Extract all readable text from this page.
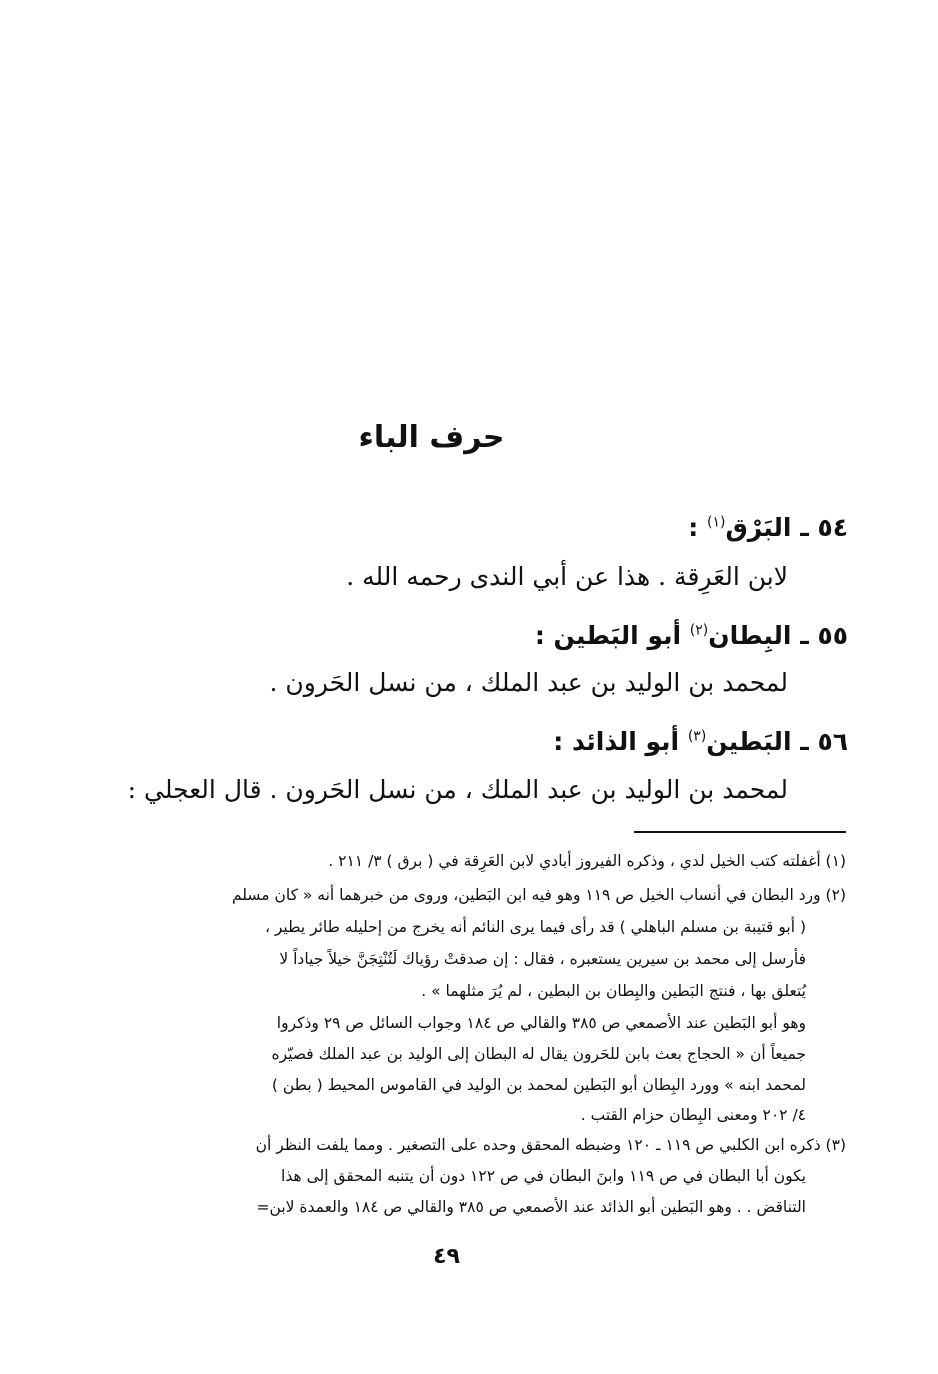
حرف الباء
٥٤ ـ البَرْق$^{(١)}$ :
لابن العَرِقة . هذا عن أبي الندى رحمه الله .
٥٥ ـ البِطان$^{(٢)}$ أبو البَطين :
لمحمد بن الوليد بن عبد الملك ، من نسل الحَرون .
٥٦ ـ البَطين$^{(٣)}$ أبو الذائد :
لمحمد بن الوليد بن عبد الملك ، من نسل الحَرون . قال العجلي :
(١) أغفلته كتب الخيل لدي ، وذكره الفيروز أبادي لابن العَرِقة في ( برق ) ٣/ ٢١١ .
(٢) ورد البطان في أنساب الخيل ص ١١٩ وهو فيه ابن البَطين، وروى من خبرهما أنه « كان مسلم
( أبو قتيبة بن مسلم الباهلي ) قد رأى فيما يرى النائم أنه يخرج من إحليله طائر يطير ،
فأرسل إلى محمد بن سيرين يستعبره ، فقال : إن صدقتْ رؤياك لَتُنْتِجَنَّ خيلاً جياداً لا
يُتعلق بها ، فنتج البَطين والبِطان بن البطين ، لم يُرَ مثلهما » .
وهو أبو البَطين عند الأصمعي ص ٣٨٥ والقالي ص ١٨٤ وجواب السائل ص ٢٩ وذكروا
جميعاً أن « الحجاج بعث بابن للحَرون يقال له البطان إلى الوليد بن عبد الملك فصيّره
لمحمد ابنه » وورد البِطان أبو البَطين لمحمد بن الوليد في القاموس المحيط ( بطن )
٤/ ٢٠٢ ومعنى البِطان حزام القتب .
(٣) ذكره ابن الكلبي ص ١١٩ ـ ١٢٠ وضبطه المحقق وحده على التصغير . ومما يلفت النظر أن
يكون أبا البطان في ص ١١٩ وابنَ البطان في ص ١٢٢ دون أن يتنبه المحقق إلى هذا
التناقض . . وهو البَطين أبو الذائد عند الأصمعي ص ٣٨٥ والقالي ص ١٨٤ والعمدة لابن=
٤٩
